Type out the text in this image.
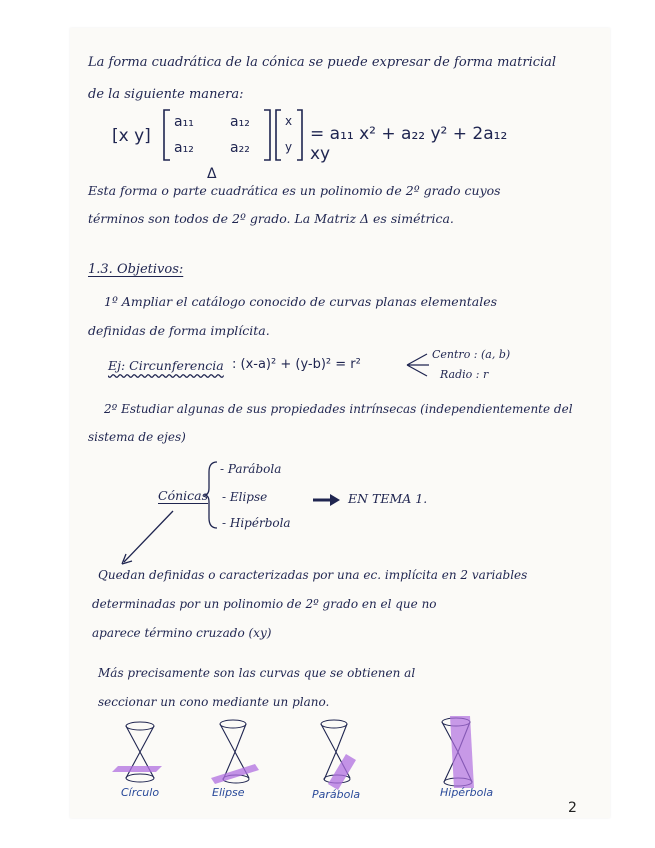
La forma cuadrática de la cónica se puede expresar de forma matricial
de la siguiente manera:
[x y]
a₁₁	a₁₂
a₁₂	a₂₂
x
y
= a₁₁ x² + a₂₂ y² + 2a₁₂ xy
Δ
Esta forma o parte cuadrática es un polinomio de 2º grado cuyos
términos son todos de 2º grado. La Matriz Δ es simétrica.
1.3. Objetivos:
1º Ampliar el catálogo conocido de curvas planas elementales
definidas de forma implícita.
Ej: Circunferencia : (x-a)² + (y-b)² = r²
Centro : (a, b)
Radio : r
2º Estudiar algunas de sus propiedades intrínsecas (independientemente del
sistema de ejes)
Cónicas
- Parábola
- Elipse
- Hipérbola
EN TEMA 1.
Quedan definidas o caracterizadas por una ec. implícita en 2 variables
determinadas por un polinomio de 2º grado en el que no
aparece término cruzado (xy)
Más precisamente son las curvas que se obtienen al
seccionar un cono mediante un plano.
Círculo	Elipse	Parábola	Hipérbola
2
